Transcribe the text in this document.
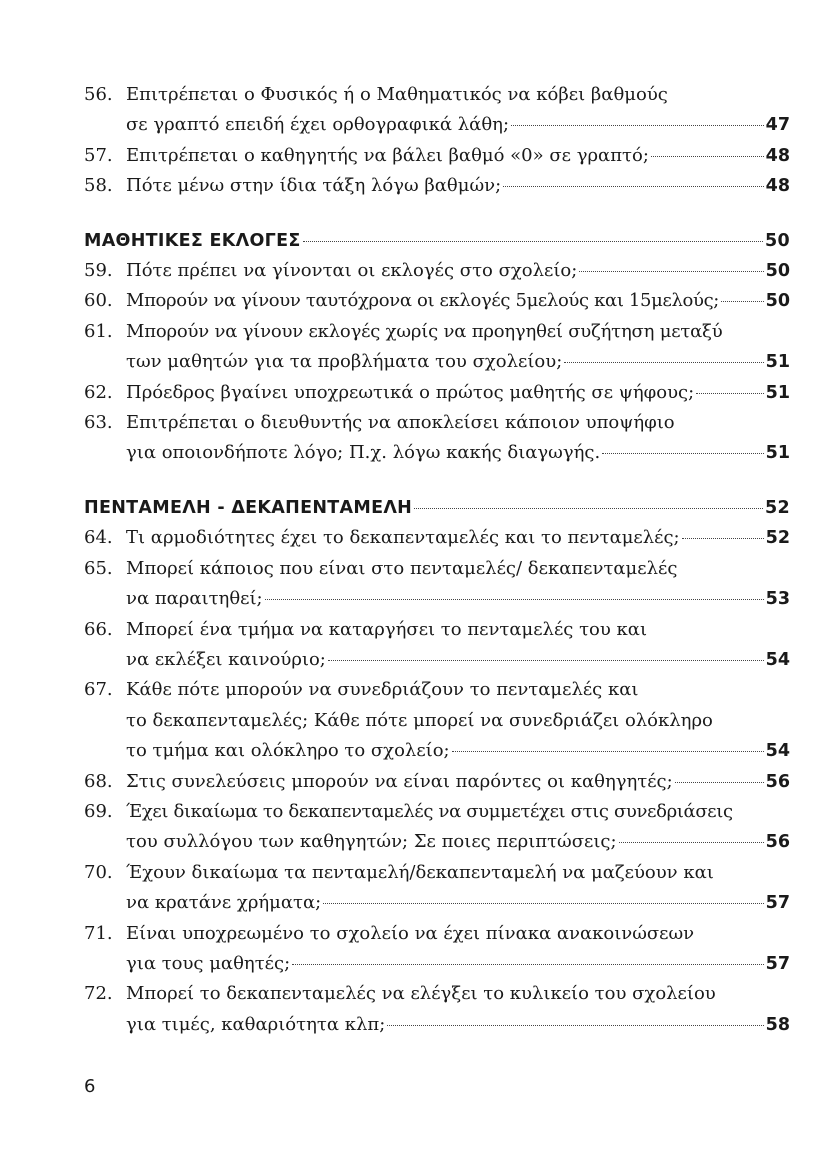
56. Επιτρέπεται ο Φυσικός ή ο Μαθηματικός να κόβει βαθμούς
σε γραπτό επειδή έχει ορθογραφικά λάθη;	47
57. Επιτρέπεται ο καθηγητής να βάλει βαθμό «0» σε γραπτό;	48
58. Πότε μένω στην ίδια τάξη λόγω βαθμών;	48
ΜΑΘΗΤΙΚΕΣ ΕΚΛΟΓΕΣ	50
59. Πότε πρέπει να γίνονται οι εκλογές στο σχολείο;	50
60. Μπορούν να γίνουν ταυτόχρονα οι εκλογές 5μελούς και 15μελούς;	50
61. Μπορούν να γίνουν εκλογές χωρίς να προηγηθεί συζήτηση μεταξύ
των μαθητών για τα προβλήματα του σχολείου;	51
62. Πρόεδρος βγαίνει υποχρεωτικά ο πρώτος μαθητής σε ψήφους;	51
63. Επιτρέπεται ο διευθυντής να αποκλείσει κάποιον υποψήφιο
για οποιονδήποτε λόγο; Π.χ. λόγω κακής διαγωγής.	51
ΠΕΝΤΑΜΕΛΗ - ΔΕΚΑΠΕΝΤΑΜΕΛΗ	52
64. Τι αρμοδιότητες έχει το δεκαπενταμελές και το πενταμελές;	52
65. Μπορεί κάποιος που είναι στο πενταμελές/ δεκαπενταμελές
να παραιτηθεί;	53
66. Μπορεί ένα τμήμα να καταργήσει το πενταμελές του και
να εκλέξει καινούριο;	54
67. Κάθε πότε μπορούν να συνεδριάζουν το πενταμελές και
το δεκαπενταμελές; Κάθε πότε μπορεί να συνεδριάζει ολόκληρο
το τμήμα και ολόκληρο το σχολείο;	54
68. Στις συνελεύσεις μπορούν να είναι παρόντες οι καθηγητές;	56
69. Έχει δικαίωμα το δεκαπενταμελές να συμμετέχει στις συνεδριάσεις
του συλλόγου των καθηγητών; Σε ποιες περιπτώσεις;	56
70. Έχουν δικαίωμα τα πενταμελή/δεκαπενταμελή να μαζεύουν και
να κρατάνε χρήματα;	57
71. Είναι υποχρεωμένο το σχολείο να έχει πίνακα ανακοινώσεων
για τους μαθητές;	57
72. Μπορεί το δεκαπενταμελές να ελέγξει το κυλικείο του σχολείου
για τιμές, καθαριότητα κλπ;	58
6
